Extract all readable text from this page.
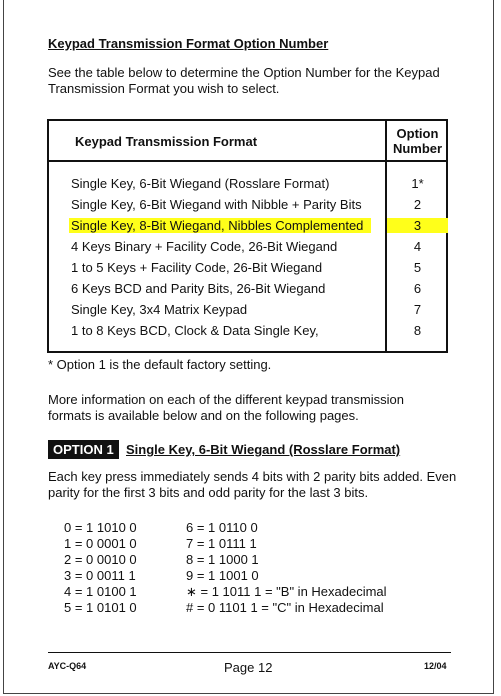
Keypad Transmission Format Option Number
See the table below to determine the Option Number for the Keypad Transmission Format you wish to select.
Keypad Transmission Format
Option
Number
Single Key, 6-Bit Wiegand (Rosslare Format)	1*
Single Key, 6-Bit Wiegand with Nibble + Parity Bits	2
Single Key, 8-Bit Wiegand, Nibbles Complemented	3
4 Keys Binary + Facility Code, 26-Bit Wiegand	4
1 to 5 Keys + Facility Code, 26-Bit Wiegand	5
6 Keys BCD and Parity Bits, 26-Bit Wiegand	6
Single Key, 3x4 Matrix Keypad	7
1 to 8 Keys BCD, Clock & Data Single Key,	8
* Option 1 is the default factory setting.
More information on each of the different keypad transmission formats is available below and on the following pages.
OPTION 1 Single Key, 6-Bit Wiegand (Rosslare Format)
Each key press immediately sends 4 bits with 2 parity bits added. Even parity for the first 3 bits and odd parity for the last 3 bits.
0 = 1 1010 0	6 = 1 0110 0
1 = 0 0001 0	7 = 1 0111 1
2 = 0 0010 0	8 = 1 1000 1
3 = 0 0011 1	9 = 1 1001 0
4 = 1 0100 1	∗ = 1 1011 1 = "B" in Hexadecimal
5 = 1 0101 0	# = 0 1101 1 = "C" in Hexadecimal
AYC-Q64	Page 12	12/04
